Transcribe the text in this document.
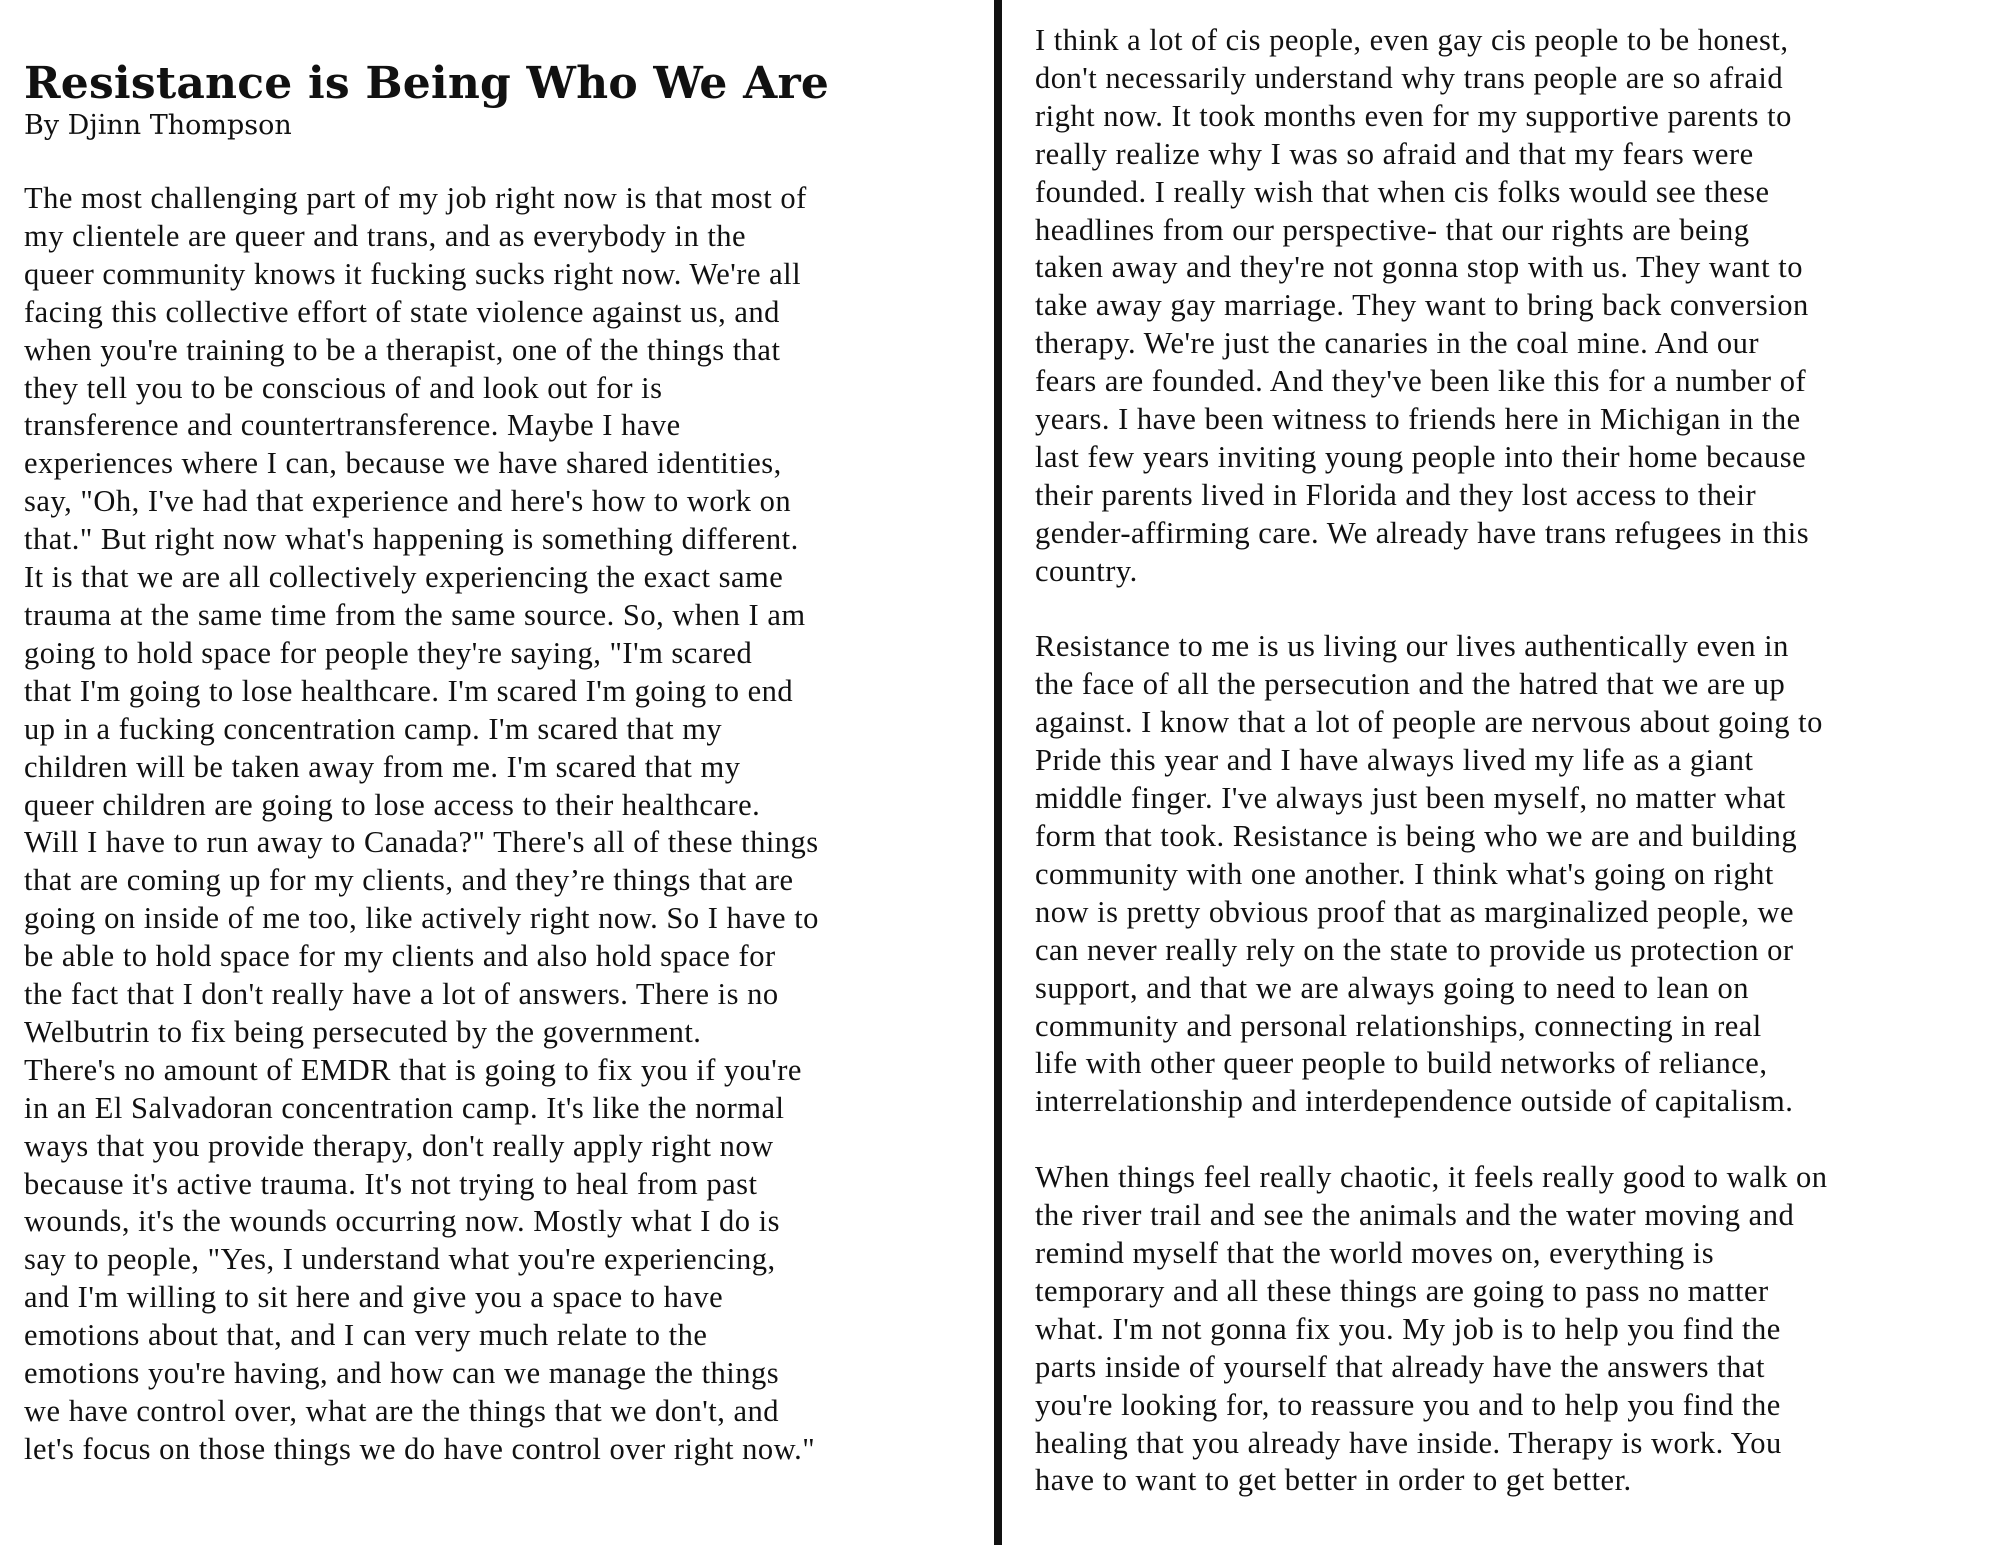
Resistance is Being Who We Are
By Djinn Thompson

The most challenging part of my job right now is that most of
my clientele are queer and trans, and as everybody in the
queer community knows it fucking sucks right now. We're all
facing this collective effort of state violence against us, and
when you're training to be a therapist, one of the things that
they tell you to be conscious of and look out for is
transference and countertransference. Maybe I have
experiences where I can, because we have shared identities,
say, "Oh, I've had that experience and here's how to work on
that." But right now what's happening is something different.
It is that we are all collectively experiencing the exact same
trauma at the same time from the same source. So, when I am
going to hold space for people they're saying, "I'm scared
that I'm going to lose healthcare. I'm scared I'm going to end
up in a fucking concentration camp. I'm scared that my
children will be taken away from me. I'm scared that my
queer children are going to lose access to their healthcare.
Will I have to run away to Canada?" There's all of these things
that are coming up for my clients, and they’re things that are
going on inside of me too, like actively right now. So I have to
be able to hold space for my clients and also hold space for
the fact that I don't really have a lot of answers. There is no
Welbutrin to fix being persecuted by the government.
There's no amount of EMDR that is going to fix you if you're
in an El Salvadoran concentration camp. It's like the normal
ways that you provide therapy, don't really apply right now
because it's active trauma. It's not trying to heal from past
wounds, it's the wounds occurring now. Mostly what I do is
say to people, "Yes, I understand what you're experiencing,
and I'm willing to sit here and give you a space to have
emotions about that, and I can very much relate to the
emotions you're having, and how can we manage the things
we have control over, what are the things that we don't, and
let's focus on those things we do have control over right now."

I think a lot of cis people, even gay cis people to be honest,
don't necessarily understand why trans people are so afraid
right now. It took months even for my supportive parents to
really realize why I was so afraid and that my fears were
founded. I really wish that when cis folks would see these
headlines from our perspective- that our rights are being
taken away and they're not gonna stop with us. They want to
take away gay marriage. They want to bring back conversion
therapy. We're just the canaries in the coal mine. And our
fears are founded. And they've been like this for a number of
years. I have been witness to friends here in Michigan in the
last few years inviting young people into their home because
their parents lived in Florida and they lost access to their
gender-affirming care. We already have trans refugees in this
country.

Resistance to me is us living our lives authentically even in
the face of all the persecution and the hatred that we are up
against. I know that a lot of people are nervous about going to
Pride this year and I have always lived my life as a giant
middle finger. I've always just been myself, no matter what
form that took. Resistance is being who we are and building
community with one another. I think what's going on right
now is pretty obvious proof that as marginalized people, we
can never really rely on the state to provide us protection or
support, and that we are always going to need to lean on
community and personal relationships, connecting in real
life with other queer people to build networks of reliance,
interrelationship and interdependence outside of capitalism.

When things feel really chaotic, it feels really good to walk on
the river trail and see the animals and the water moving and
remind myself that the world moves on, everything is
temporary and all these things are going to pass no matter
what. I'm not gonna fix you. My job is to help you find the
parts inside of yourself that already have the answers that
you're looking for, to reassure you and to help you find the
healing that you already have inside. Therapy is work. You
have to want to get better in order to get better.
